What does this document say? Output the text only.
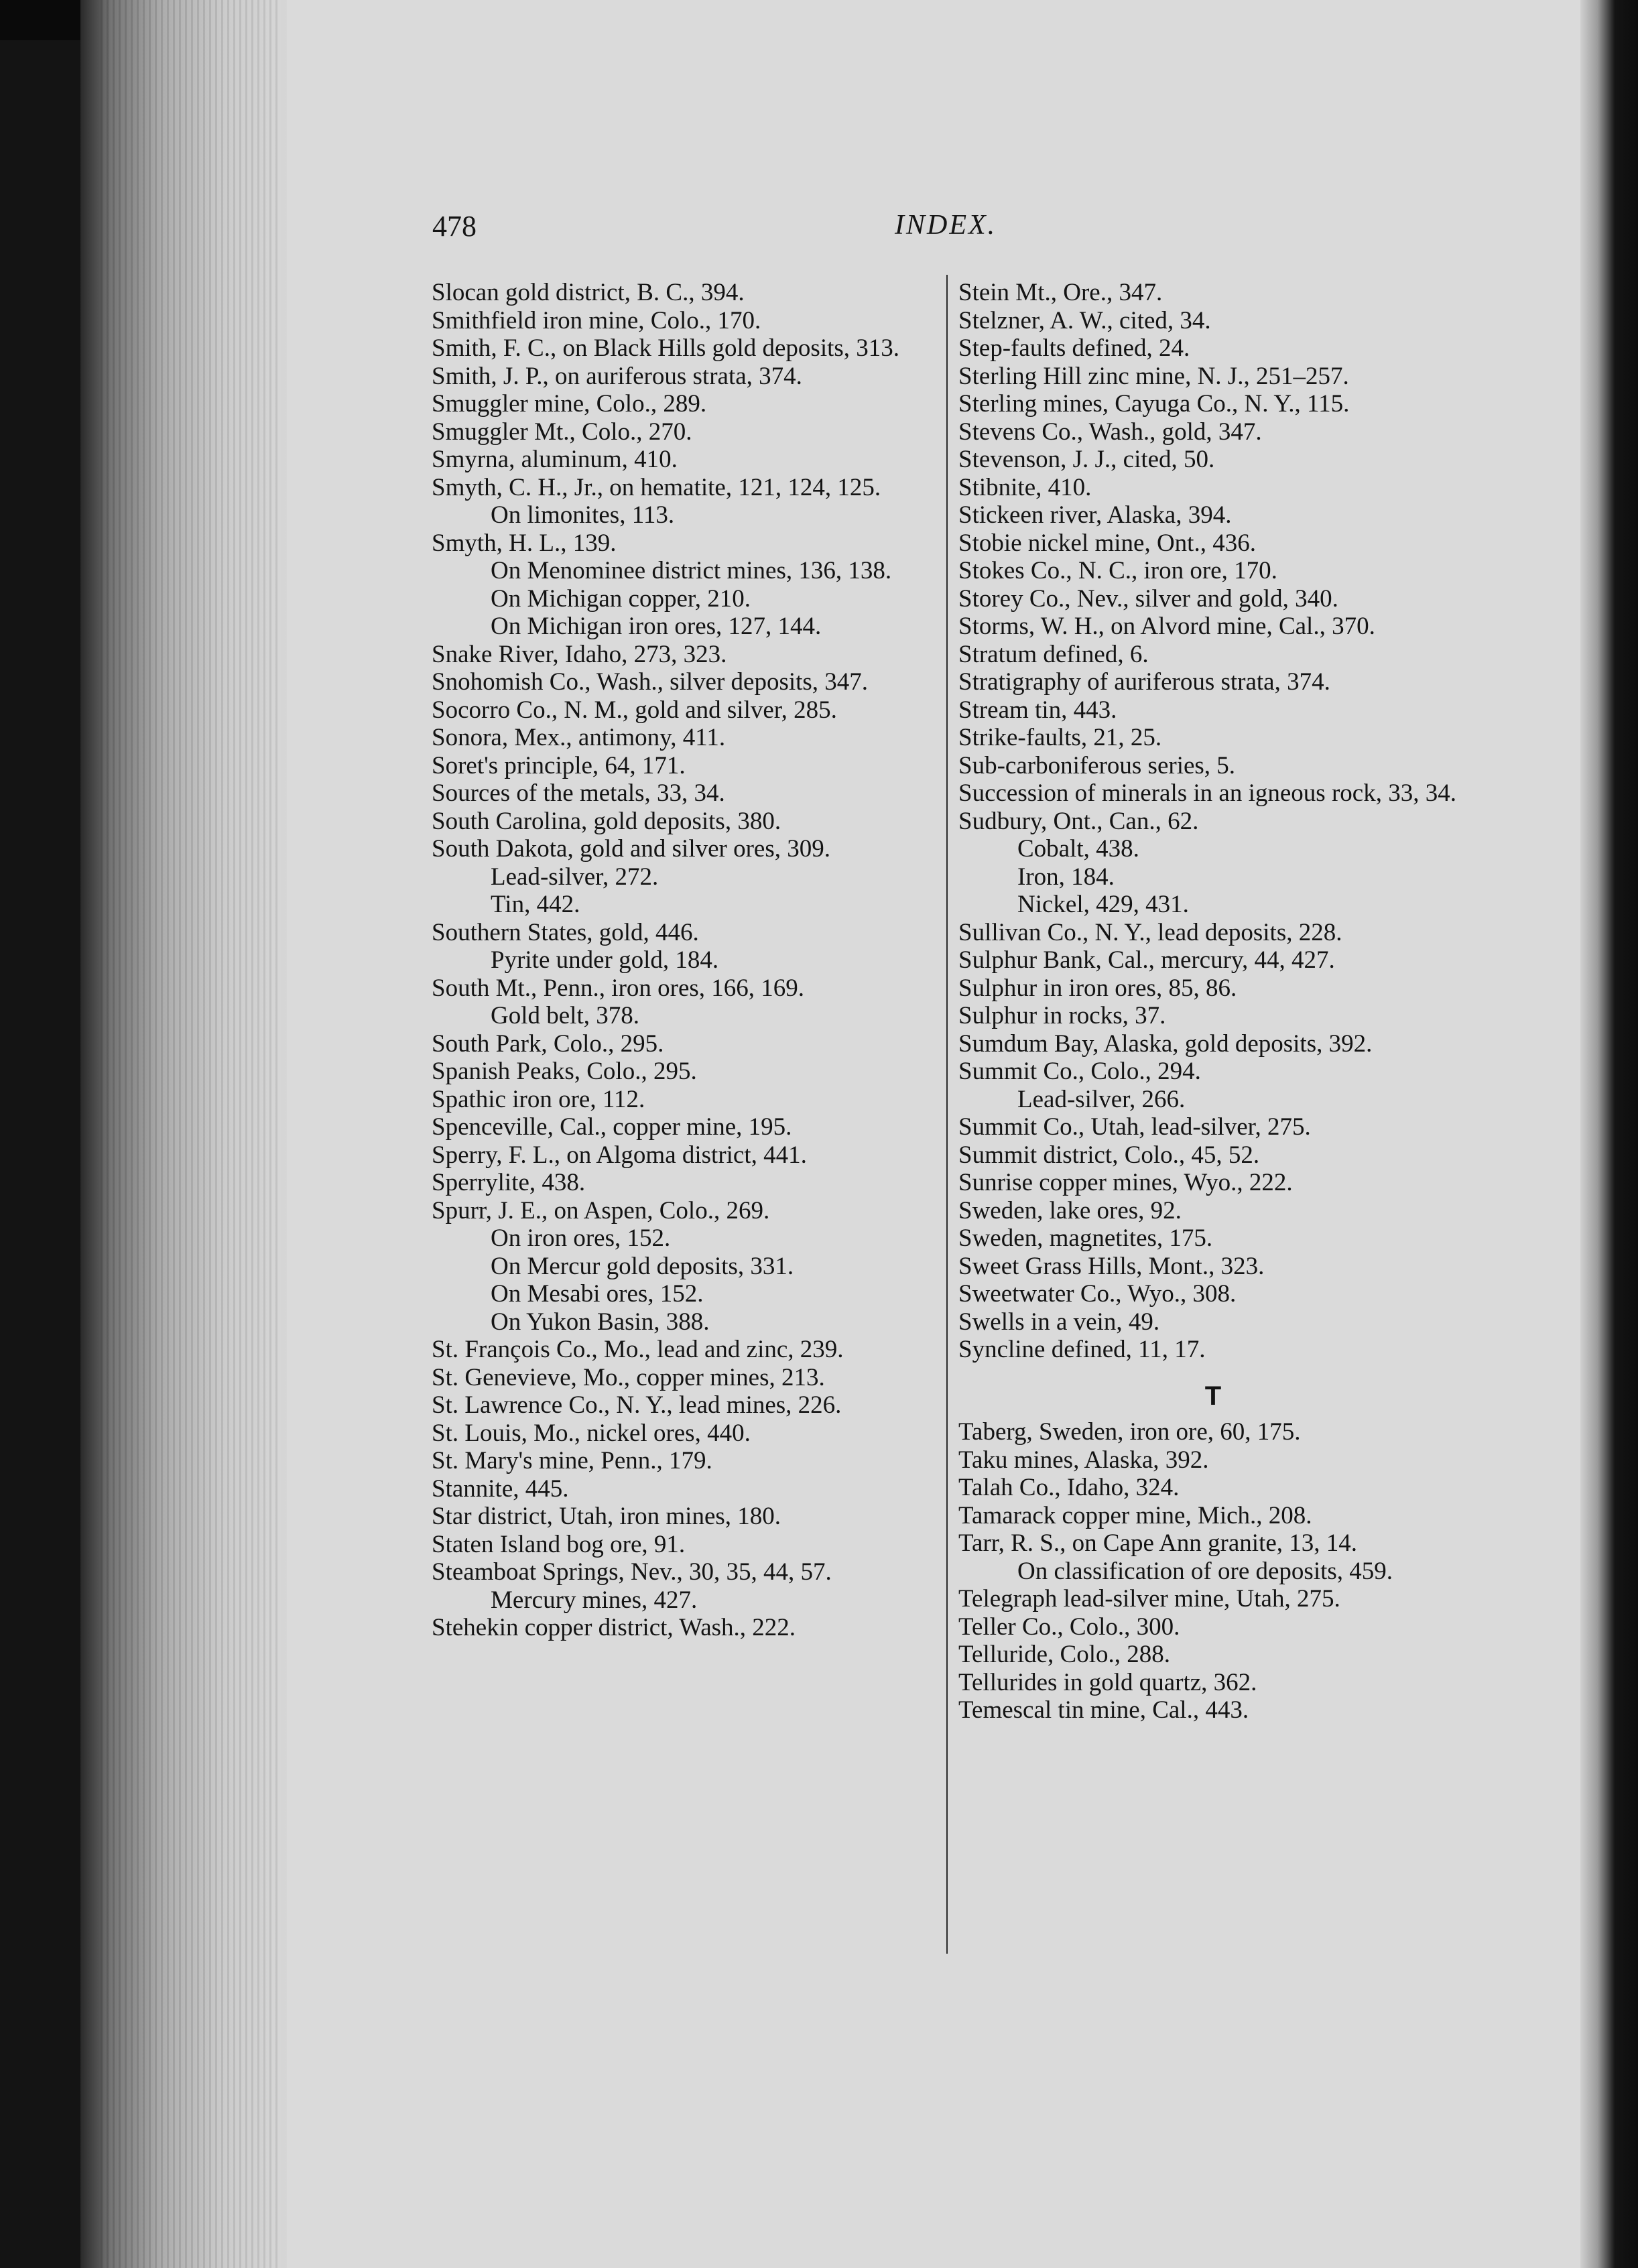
478	INDEX.
Slocan gold district, B. C., 394.
Smithfield iron mine, Colo., 170.
Smith, F. C., on Black Hills gold deposits, 313.
Smith, J. P., on auriferous strata, 374.
Smuggler mine, Colo., 289.
Smuggler Mt., Colo., 270.
Smyrna, aluminum, 410.
Smyth, C. H., Jr., on hematite, 121, 124, 125.
On limonites, 113.
Smyth, H. L., 139.
On Menominee district mines, 136, 138.
On Michigan copper, 210.
On Michigan iron ores, 127, 144.
Snake River, Idaho, 273, 323.
Snohomish Co., Wash., silver deposits, 347.
Socorro Co., N. M., gold and silver, 285.
Sonora, Mex., antimony, 411.
Soret's principle, 64, 171.
Sources of the metals, 33, 34.
South Carolina, gold deposits, 380.
South Dakota, gold and silver ores, 309.
Lead-silver, 272.
Tin, 442.
Southern States, gold, 446.
Pyrite under gold, 184.
South Mt., Penn., iron ores, 166, 169.
Gold belt, 378.
South Park, Colo., 295.
Spanish Peaks, Colo., 295.
Spathic iron ore, 112.
Spenceville, Cal., copper mine, 195.
Sperry, F. L., on Algoma district, 441.
Sperrylite, 438.
Spurr, J. E., on Aspen, Colo., 269.
On iron ores, 152.
On Mercur gold deposits, 331.
On Mesabi ores, 152.
On Yukon Basin, 388.
St. François Co., Mo., lead and zinc, 239.
St. Genevieve, Mo., copper mines, 213.
St. Lawrence Co., N. Y., lead mines, 226.
St. Louis, Mo., nickel ores, 440.
St. Mary's mine, Penn., 179.
Stannite, 445.
Star district, Utah, iron mines, 180.
Staten Island bog ore, 91.
Steamboat Springs, Nev., 30, 35, 44, 57.
Mercury mines, 427.
Stehekin copper district, Wash., 222.
Stein Mt., Ore., 347.
Stelzner, A. W., cited, 34.
Step-faults defined, 24.
Sterling Hill zinc mine, N. J., 251–257.
Sterling mines, Cayuga Co., N. Y., 115.
Stevens Co., Wash., gold, 347.
Stevenson, J. J., cited, 50.
Stibnite, 410.
Stickeen river, Alaska, 394.
Stobie nickel mine, Ont., 436.
Stokes Co., N. C., iron ore, 170.
Storey Co., Nev., silver and gold, 340.
Storms, W. H., on Alvord mine, Cal., 370.
Stratum defined, 6.
Stratigraphy of auriferous strata, 374.
Stream tin, 443.
Strike-faults, 21, 25.
Sub-carboniferous series, 5.
Succession of minerals in an igneous rock, 33, 34.
Sudbury, Ont., Can., 62.
Cobalt, 438.
Iron, 184.
Nickel, 429, 431.
Sullivan Co., N. Y., lead deposits, 228.
Sulphur Bank, Cal., mercury, 44, 427.
Sulphur in iron ores, 85, 86.
Sulphur in rocks, 37.
Sumdum Bay, Alaska, gold deposits, 392.
Summit Co., Colo., 294.
Lead-silver, 266.
Summit Co., Utah, lead-silver, 275.
Summit district, Colo., 45, 52.
Sunrise copper mines, Wyo., 222.
Sweden, lake ores, 92.
Sweden, magnetites, 175.
Sweet Grass Hills, Mont., 323.
Sweetwater Co., Wyo., 308.
Swells in a vein, 49.
Syncline defined, 11, 17.
T
Taberg, Sweden, iron ore, 60, 175.
Taku mines, Alaska, 392.
Talah Co., Idaho, 324.
Tamarack copper mine, Mich., 208.
Tarr, R. S., on Cape Ann granite, 13, 14.
On classification of ore deposits, 459.
Telegraph lead-silver mine, Utah, 275.
Teller Co., Colo., 300.
Telluride, Colo., 288.
Tellurides in gold quartz, 362.
Temescal tin mine, Cal., 443.
